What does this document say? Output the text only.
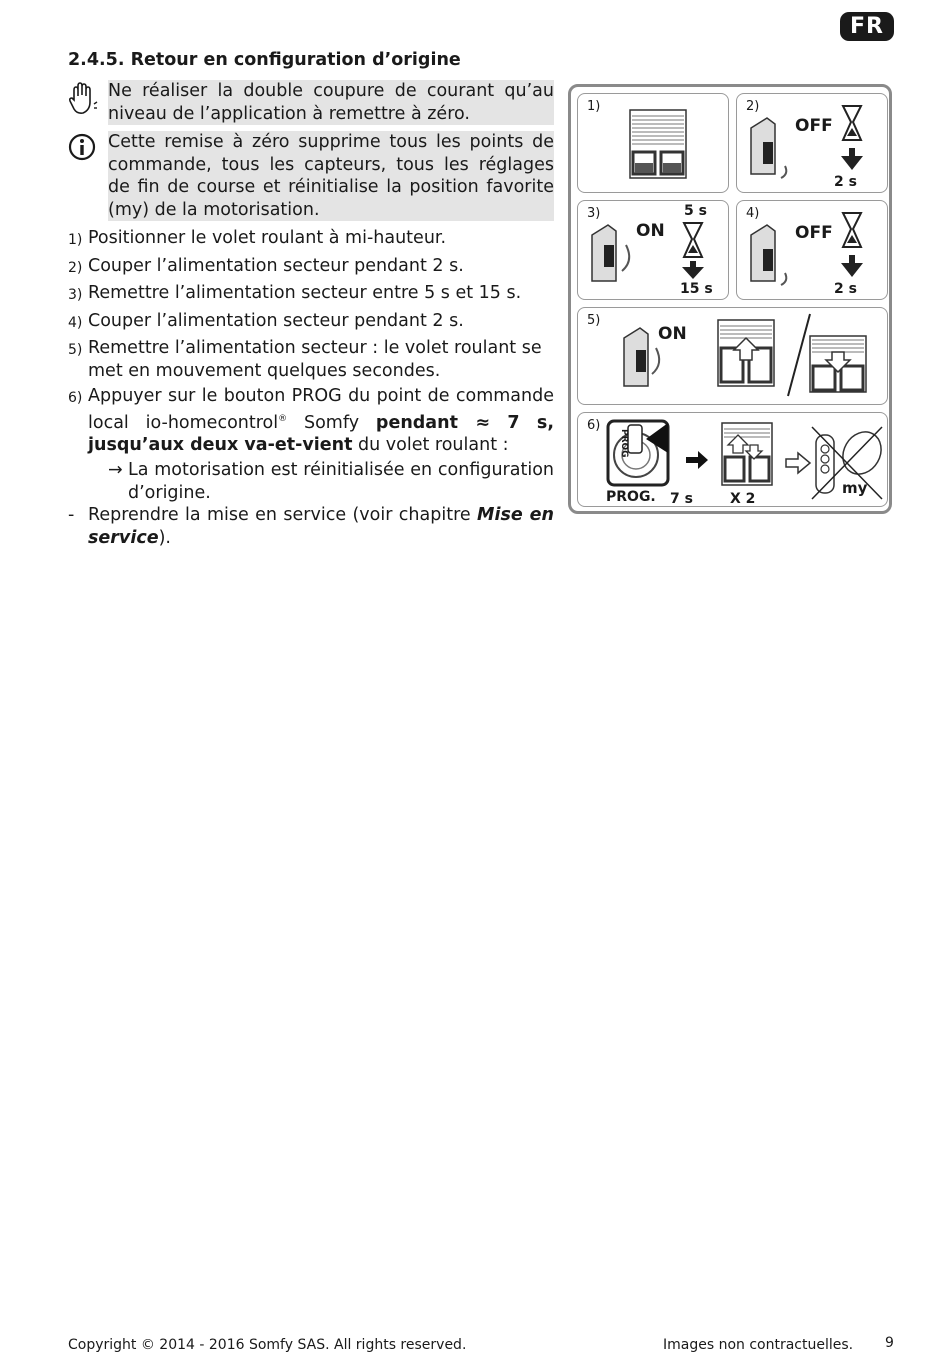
FR
2.4.5. Retour en configuration d’origine
Ne réaliser la double coupure de courant qu’au niveau de l’application à remettre à zéro.
Cette remise à zéro supprime tous les points de commande, tous les capteurs, tous les réglages de fin de course et réinitialise la position favorite (my) de la motorisation.
1) Positionner le volet roulant à mi-hauteur.
2) Couper l’alimentation secteur pendant 2 s.
3) Remettre l’alimentation secteur entre 5 s et 15 s.
4) Couper l’alimentation secteur pendant 2 s.
5) Remettre l’alimentation secteur : le volet roulant se met en mouvement quelques secondes.
6) Appuyer sur le bouton PROG du point de commande local io-homecontrol® Somfy pendant ≈ 7 s, jusqu’aux deux va-et-vient du volet roulant :
→ La motorisation est réinitialisée en configuration d’origine.
- Reprendre la mise en service (voir chapitre Mise en service).
1)	2)
OFF
2 s
3)
ON
5 s
15 s
4)
OFF
2 s
5)
ON
6)
PROG
PROG. 7 s	X 2
my
Copyright © 2014 - 2016 Somfy SAS. All rights reserved.	Images non contractuelles. 9
